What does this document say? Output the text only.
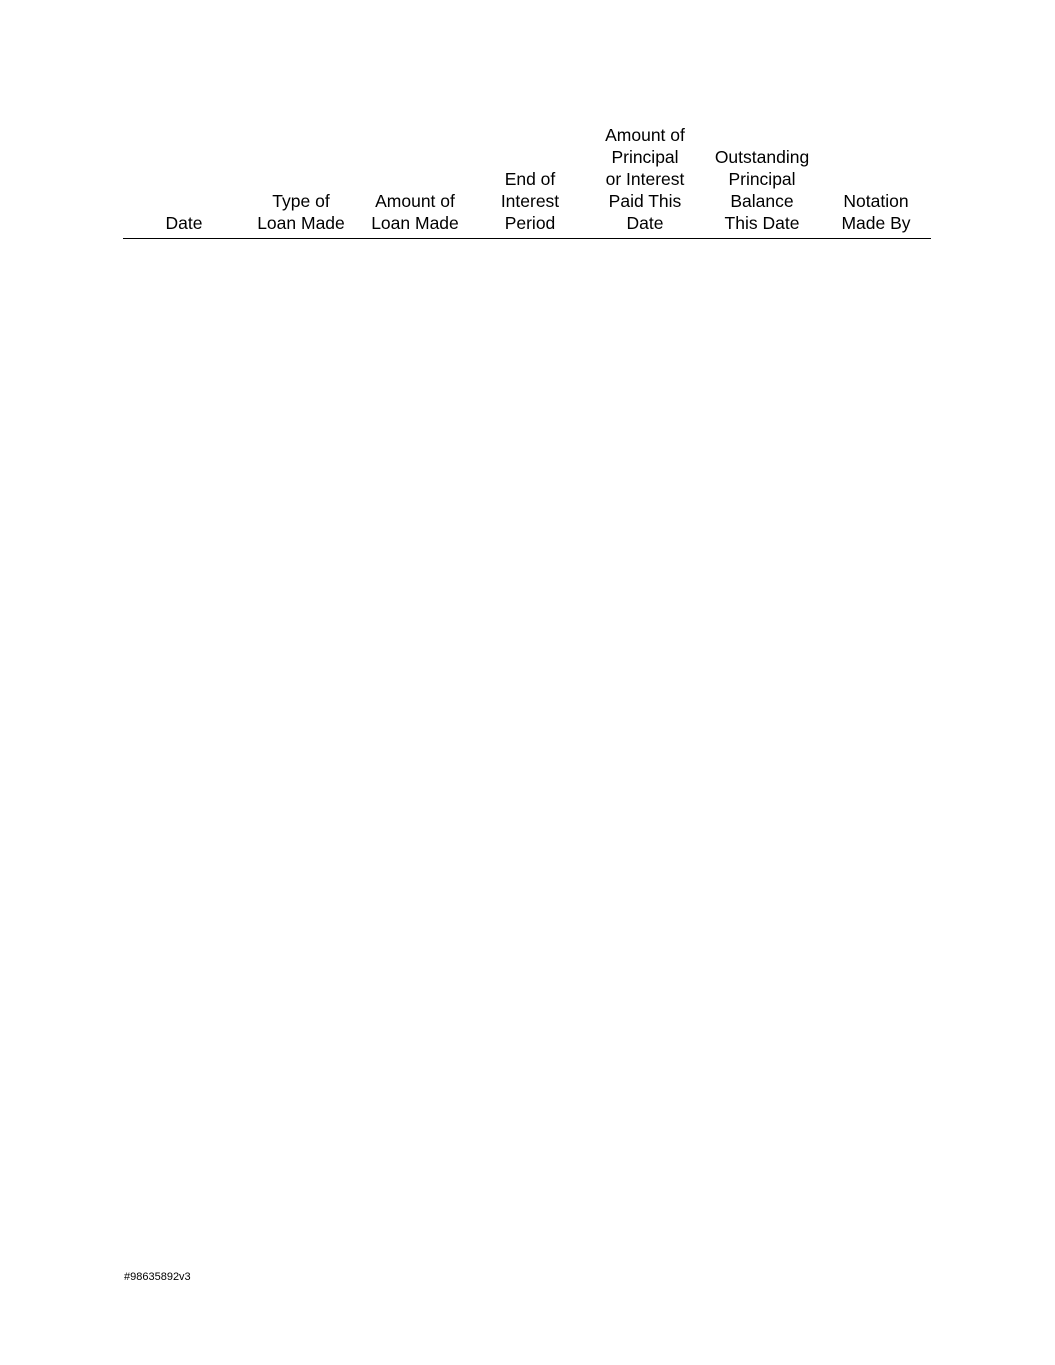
Date

Type of
Loan Made

Amount of
Loan Made

End of
Interest
Period

Amount of
Principal
or Interest
Paid This
Date

Outstanding
Principal
Balance
This Date

Notation
Made By
#98635892v3
